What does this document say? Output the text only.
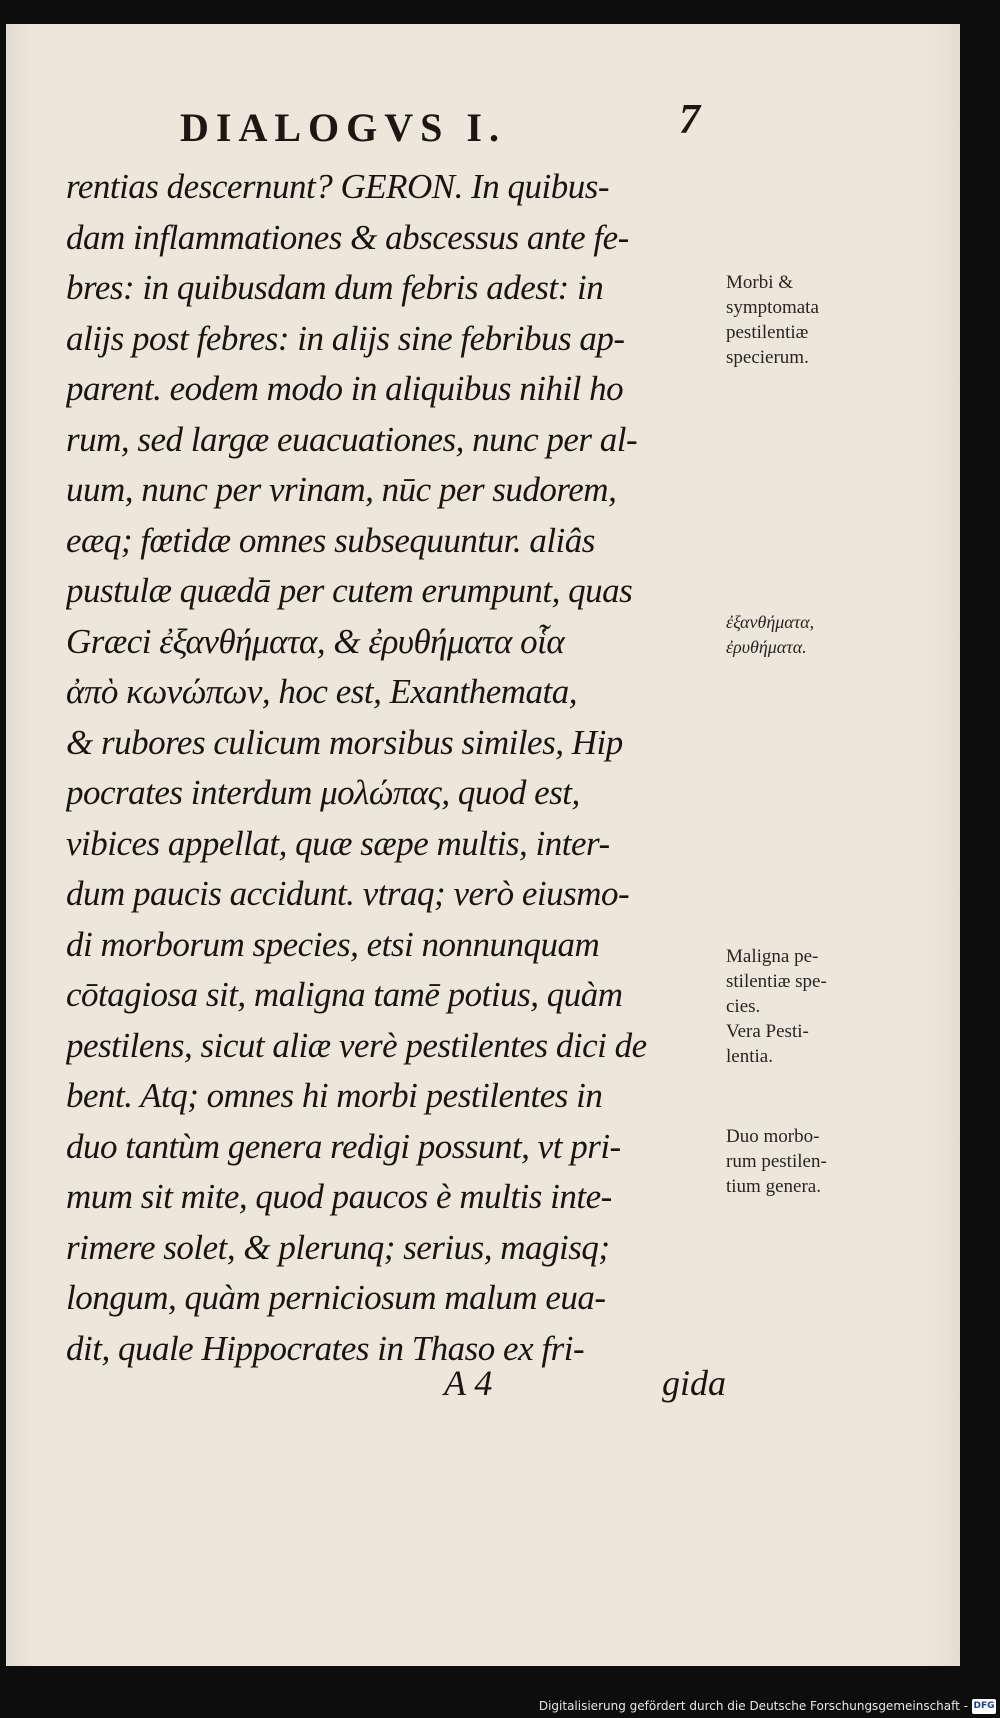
DIALOGVS I.	7
rentias descernunt? GERON. In quibus-
dam inflammationes & abscessus ante fe-
bres: in quibusdam dum febris adest: in
alijs post febres: in alijs sine febribus ap-
parent. eodem modo in aliquibus nihil ho
rum, sed largæ euacuationes, nunc per al-
uum, nunc per vrinam, nūc per sudorem,
eæq; fœtidæ omnes subsequuntur. aliâs
pustulæ quædā per cutem erumpunt, quas
Græci ἐξανθήματα, & ἐρυθήματα οἷα
ἀπὸ κωνώπων, hoc est, Exanthemata,
& rubores culicum morsibus similes, Hip
pocrates interdum μολώπας, quod est,
vibices appellat, quæ sæpe multis, inter-
dum paucis accidunt. vtraq; verò eiusmo-
di morborum species, etsi nonnunquam
cōtagiosa sit, maligna tamē potius, quàm
pestilens, sicut aliæ verè pestilentes dici de
bent. Atq; omnes hi morbi pestilentes in
duo tantùm genera redigi possunt, vt pri-
mum sit mite, quod paucos è multis inte-
rimere solet, & plerunq; serius, magisq;
longum, quàm perniciosum malum eua-
dit, quale Hippocrates in Thaso ex fri-
A 4	gida
Morbi &
symptomata
pestilentiæ
specierum.
ἐξανθήματα,
ἐρυθήματα.
Maligna pe-
stilentiæ spe-
cies.
Vera Pesti-
lentia.
Duo morbo-
rum pestilen-
tium genera.
Digitalisierung gefördert durch die Deutsche Forschungsgemeinschaft - DFG
